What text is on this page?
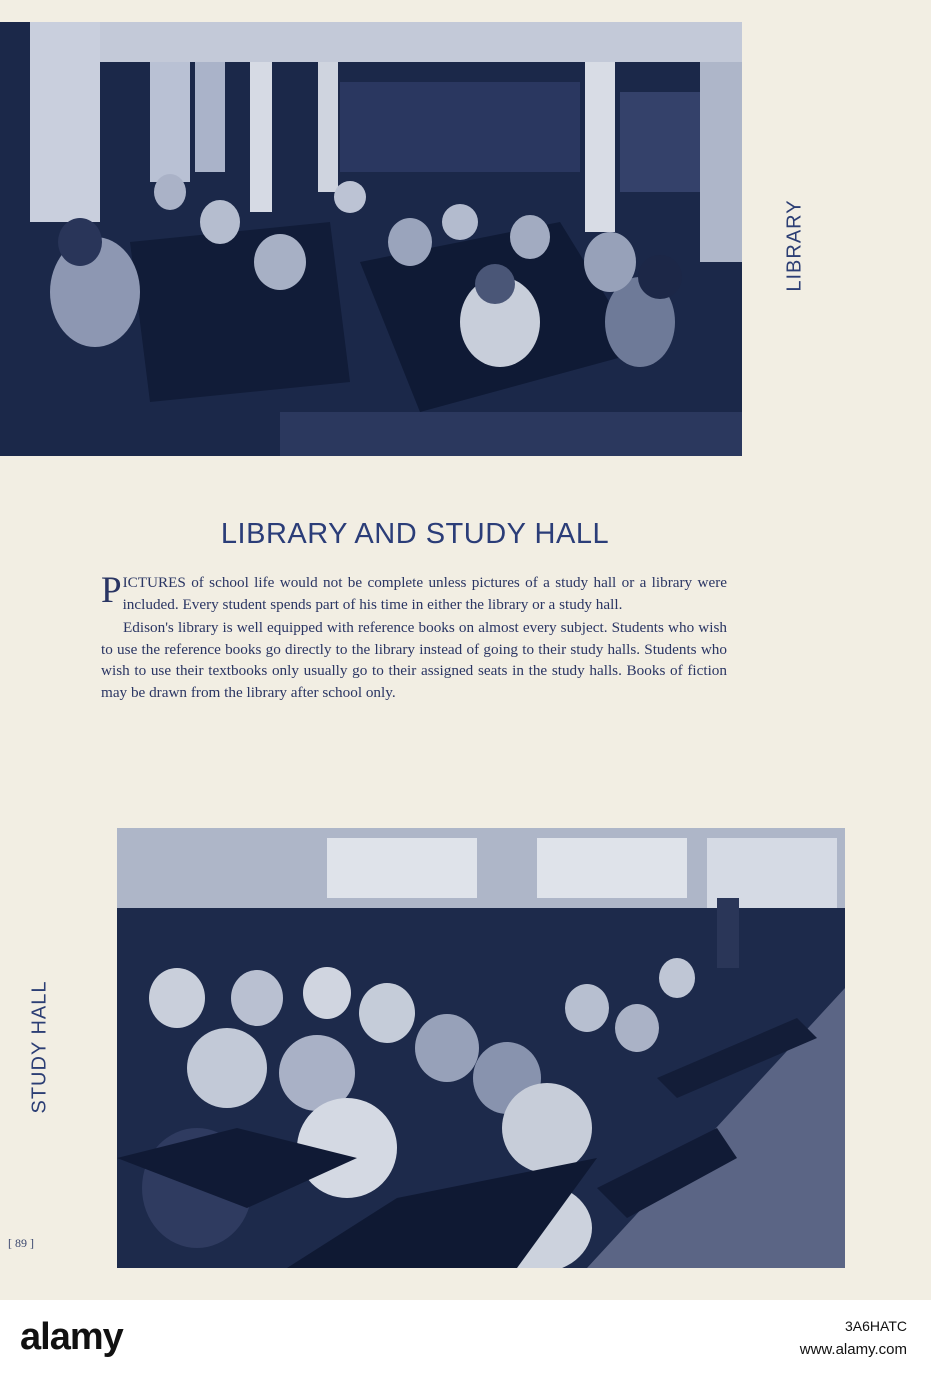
LIBRARY
LIBRARY AND STUDY HALL

PICTURES of school life would not be complete unless pictures of a study hall or a library were included. Every student spends part of his time in either the library or a study hall.

Edison's library is well equipped with reference books on almost every subject. Students who wish to use the reference books go directly to the library instead of going to their study halls. Students who wish to use their textbooks only usually go to their assigned seats in the study halls. Books of fiction may be drawn from the library after school only.

STUDY HALL
[ 89 ]
alamy	3A6HATC
www.alamy.com
